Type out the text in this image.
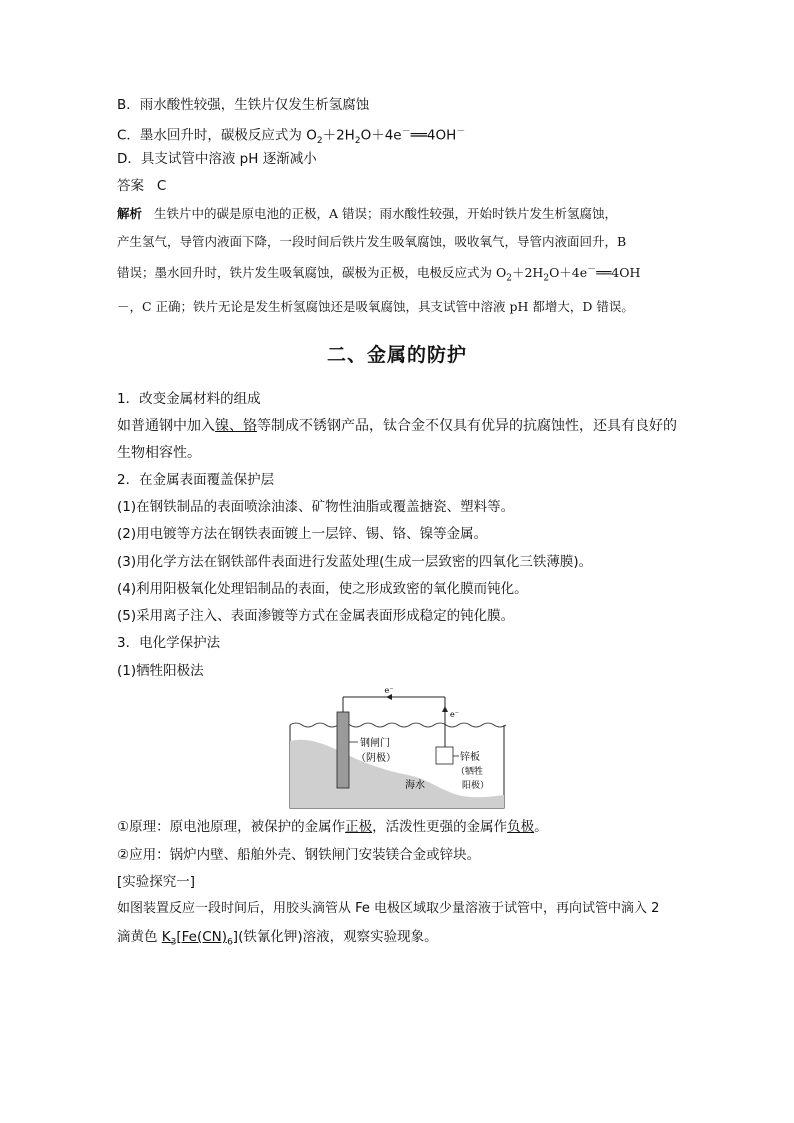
B．雨水酸性较强，生铁片仅发生析氢腐蚀
C．墨水回升时，碳极反应式为 $O_2+2H_2O+4e^-══4OH^-$
D．具支试管中溶液 pH 逐渐减小
答案 C
解析 生铁片中的碳是原电池的正极，A 错误；雨水酸性较强，开始时铁片发生析氢腐蚀，
产生氢气，导管内液面下降，一段时间后铁片发生吸氧腐蚀，吸收氧气，导管内液面回升，B
错误；墨水回升时，铁片发生吸氧腐蚀，碳极为正极，电极反应式为 $O_2+2H_2O+4e^-══4OH$
－，C 正确；铁片无论是发生析氢腐蚀还是吸氧腐蚀，具支试管中溶液 pH 都增大，D 错误。
二、金属的防护
1．改变金属材料的组成
如普通钢中加入镍、铬等制成不锈钢产品，钛合金不仅具有优异的抗腐蚀性，还具有良好的
生物相容性。
2．在金属表面覆盖保护层
(1)在钢铁制品的表面喷涂油漆、矿物性油脂或覆盖搪瓷、塑料等。
(2)用电镀等方法在钢铁表面镀上一层锌、锡、铬、镍等金属。
(3)用化学方法在钢铁部件表面进行发蓝处理(生成一层致密的四氧化三铁薄膜)。
(4)利用阳极氧化处理铝制品的表面，使之形成致密的氧化膜而钝化。
(5)采用离子注入、表面渗镀等方式在金属表面形成稳定的钝化膜。
3．电化学保护法
(1)牺牲阳极法
e⁻
e⁻
钢闸门
（阴极）	锌板
（牺牲
阳极）
海水
①原理：原电池原理，被保护的金属作正极，活泼性更强的金属作负极。
②应用：锅炉内壁、船舶外壳、钢铁闸门安装镁合金或锌块。
[实验探究一]
如图装置反应一段时间后，用胶头滴管从 Fe 电极区域取少量溶液于试管中，再向试管中滴入 2
滴黄色 $K_3[Fe(CN)_6]$(铁氰化钾)溶液，观察实验现象。
